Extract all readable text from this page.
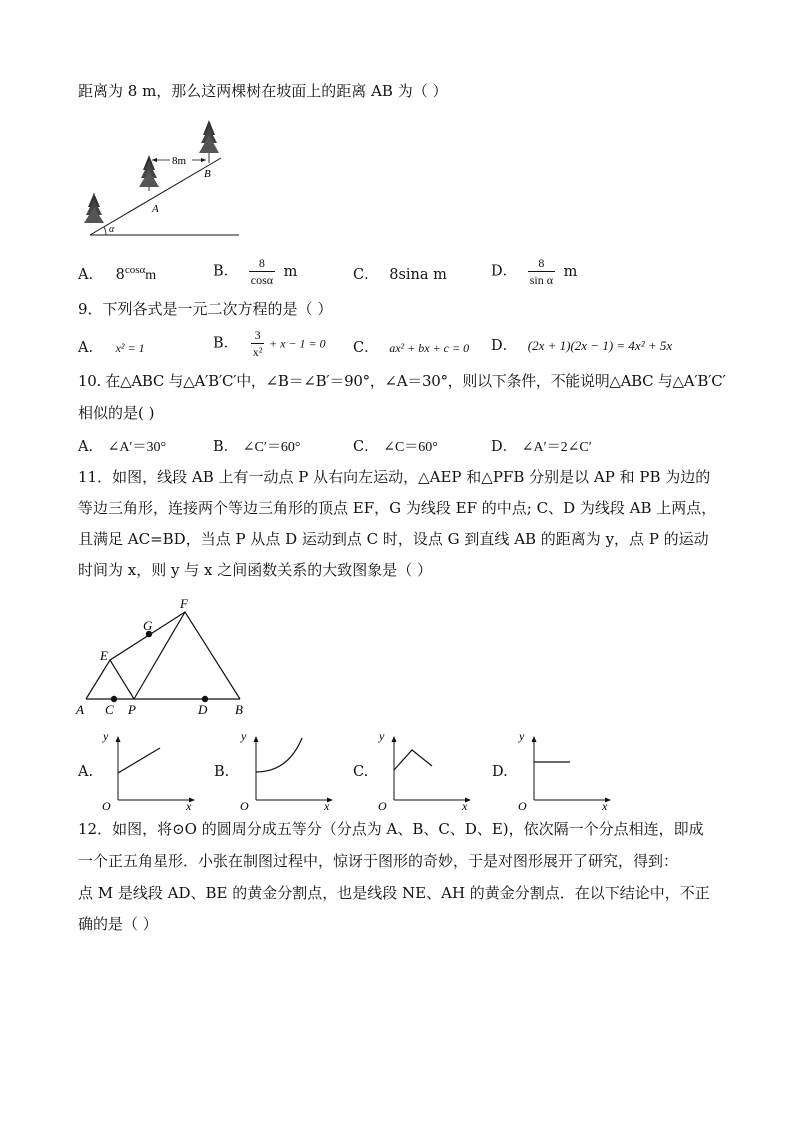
距离为 8 m，那么这两棵树在坡面上的距离 AB 为（ ）
α
8m
A
B
A． $8^{cos\alpha}m$	B． $\frac{8}{\cos\alpha}$ m	C． 8sina m	D． $\frac{8}{\text{sin α}}$ m
9．下列各式是一元二次方程的是（ ）
A． x² = 1	B． $\frac{3}{\text{x²}} + x - 1 = 0$ C． ax² + bx + c = 0 D． (2x + 1)(2x − 1) = 4x² + 5x
10. 在△ABC 与△A′B′C′中，∠B＝∠B′＝90°，∠A＝30°，则以下条件，不能说明△ABC 与△A′B′C′
相似的是( )
A． ∠A′＝30°	B． ∠C′＝60°	C． ∠C＝60°	D． ∠A′＝2∠C′
11．如图，线段 AB 上有一动点 P 从右向左运动，△AEP 和△PFB 分别是以 AP 和 PB 为边的
等边三角形，连接两个等边三角形的顶点 EF，G 为线段 EF 的中点; C、D 为线段 AB 上两点，
且满足 AC=BD，当点 P 从点 D 运动到点 C 时，设点 G 到直线 AB 的距离为 y，点 P 的运动
时间为 x，则 y 与 x 之间函数关系的大致图象是（ ）
A C P	D B
E
G
F
A.
y
x
O
B.
y
x
O
C.
y
x
O
D.
y
x
O
12．如图，将⊙O 的圆周分成五等分（分点为 A、B、C、D、E)，依次隔一个分点相连，即成
一个正五角星形．小张在制图过程中，惊讶于图形的奇妙，于是对图形展开了研究，得到：
点 M 是线段 AD、BE 的黄金分割点，也是线段 NE、AH 的黄金分割点．在以下结论中，不正
确的是（ ）
